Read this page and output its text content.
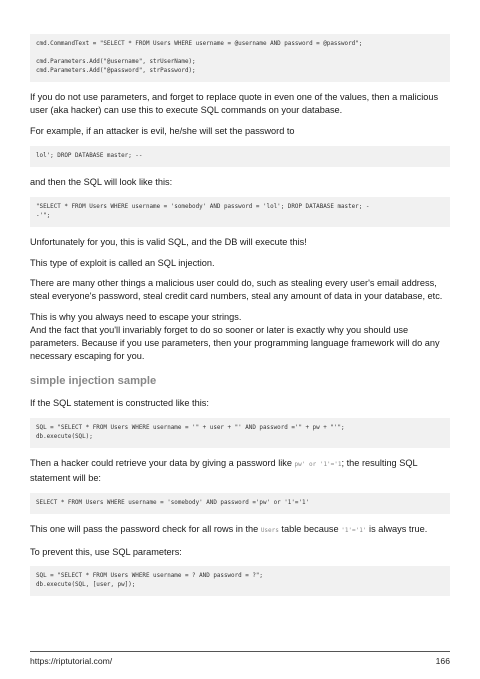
cmd.CommandText = "SELECT * FROM Users WHERE username = @username AND password = @password";

cmd.Parameters.Add("@username", strUserName);
cmd.Parameters.Add("@password", strPassword);

If you do not use parameters, and forget to replace quote in even one of the values, then a malicious user (aka hacker) can use this to execute SQL commands on your database.

For example, if an attacker is evil, he/she will set the password to

lol'; DROP DATABASE master; --

and then the SQL will look like this:

"SELECT * FROM Users WHERE username = 'somebody' AND password = 'lol'; DROP DATABASE master; -
-'";

Unfortunately for you, this is valid SQL, and the DB will execute this!

This type of exploit is called an SQL injection.

There are many other things a malicious user could do, such as stealing every user's email address, steal everyone's password, steal credit card numbers, steal any amount of data in your database, etc.

This is why you always need to escape your strings.
And the fact that you'll invariably forget to do so sooner or later is exactly why you should use parameters. Because if you use parameters, then your programming language framework will do any necessary escaping for you.

simple injection sample

If the SQL statement is constructed like this:

SQL = "SELECT * FROM Users WHERE username = '" + user + "' AND password ='" + pw + "'";
db.execute(SQL);

Then a hacker could retrieve your data by giving a password like pw' or '1'='1; the resulting SQL statement will be:

SELECT * FROM Users WHERE username = 'somebody' AND password ='pw' or '1'='1'

This one will pass the password check for all rows in the Users table because '1'='1' is always true.

To prevent this, use SQL parameters:

SQL = "SELECT * FROM Users WHERE username = ? AND password = ?";
db.execute(SQL, [user, pw]);
https://riptutorial.com/	166
